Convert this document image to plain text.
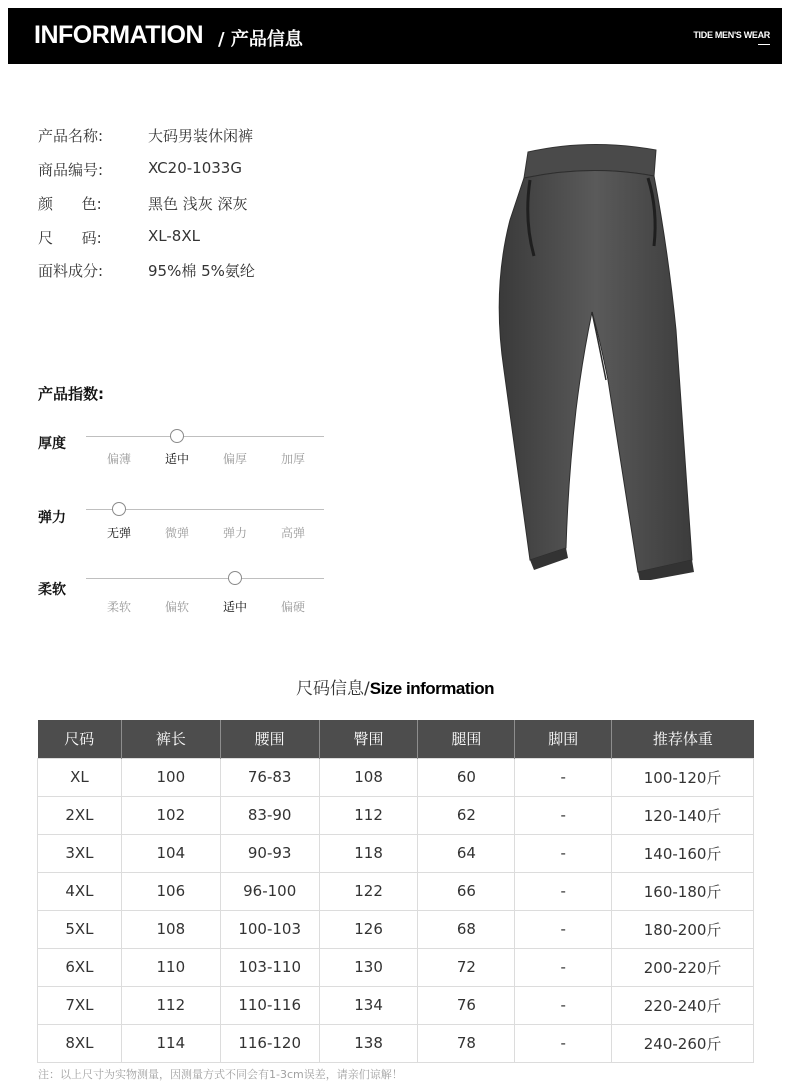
INFORMATION / 产品信息	TIDE MEN'S WEAR
产品名称:	大码男装休闲裤
商品编号:	XC20-1033G
颜      色:	黑色 浅灰 深灰
尺      码:	XL-8XL
面料成分:	95%棉 5%氨纶
产品指数:
厚度
偏薄	适中	偏厚	加厚
弹力
无弹	微弹	弹力	高弹
柔软
柔软	偏软	适中	偏硬
尺码信息/Size information
尺码	裤长	腰围	臀围	腿围	脚围	推荐体重
XL	100	76-83	108	60	-	100-120斤
2XL	102	83-90	112	62	-	120-140斤
3XL	104	90-93	118	64	-	140-160斤
4XL	106	96-100	122	66	-	160-180斤
5XL	108	100-103	126	68	-	180-200斤
6XL	110	103-110	130	72	-	200-220斤
7XL	112	110-116	134	76	-	220-240斤
8XL	114	116-120	138	78	-	240-260斤
注：以上尺寸为实物测量，因测量方式不同会有1-3cm误差，请亲们谅解！
